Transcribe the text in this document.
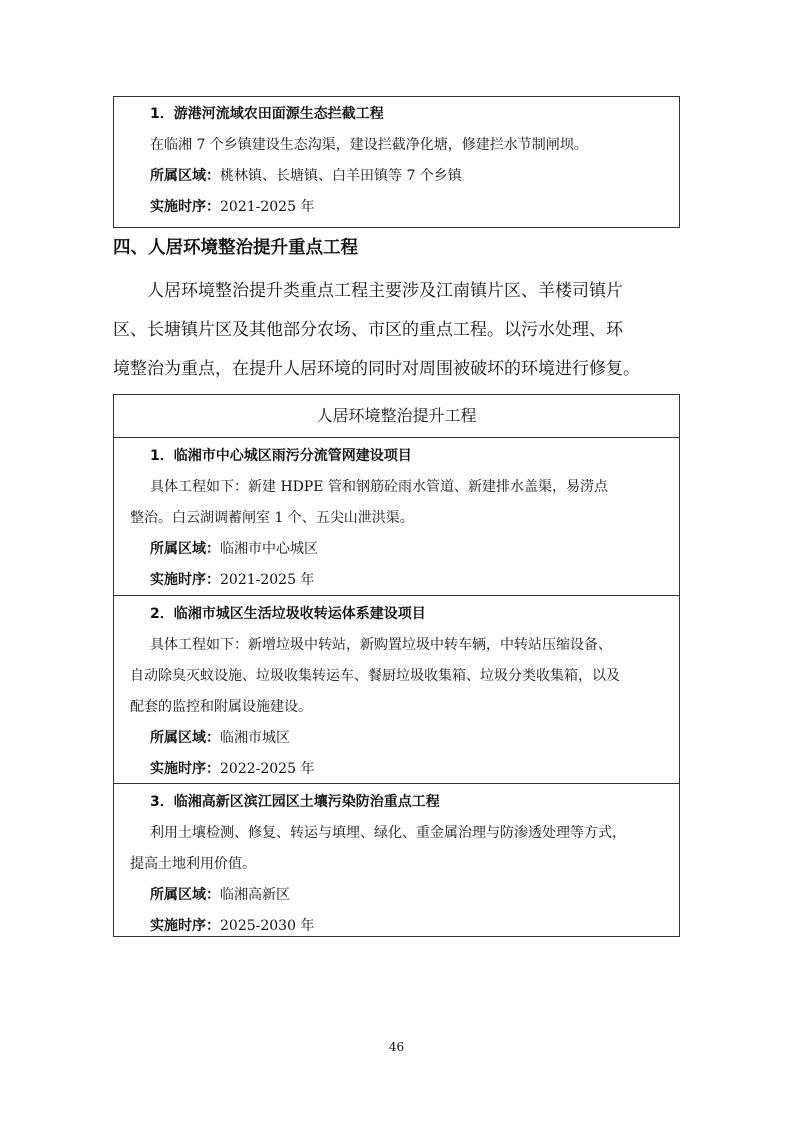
1．游港河流域农田面源生态拦截工程
在临湘 7 个乡镇建设生态沟渠，建设拦截净化塘，修建拦水节制闸坝。
所属区域：桃林镇、长塘镇、白羊田镇等 7 个乡镇
实施时序：2021-2025 年
四、人居环境整治提升重点工程
人居环境整治提升类重点工程主要涉及江南镇片区、羊楼司镇片
区、长塘镇片区及其他部分农场、市区的重点工程。以污水处理、环
境整治为重点，在提升人居环境的同时对周围被破坏的环境进行修复。
人居环境整治提升工程
1．临湘市中心城区雨污分流管网建设项目
具体工程如下：新建 HDPE 管和钢筋砼雨水管道、新建排水盖渠，易涝点
整治。白云湖调蓄闸室 1 个、五尖山泄洪渠。
所属区域：临湘市中心城区
实施时序：2021-2025 年
2．临湘市城区生活垃圾收转运体系建设项目
具体工程如下：新增垃圾中转站，新购置垃圾中转车辆，中转站压缩设备、
自动除臭灭蚊设施、垃圾收集转运车、餐厨垃圾收集箱、垃圾分类收集箱，以及
配套的监控和附属设施建设。
所属区域：临湘市城区
实施时序：2022-2025 年
3．临湘高新区滨江园区土壤污染防治重点工程
利用土壤检测、修复、转运与填埋、绿化、重金属治理与防渗透处理等方式，
提高土地利用价值。
所属区域：临湘高新区
实施时序：2025-2030 年
46
